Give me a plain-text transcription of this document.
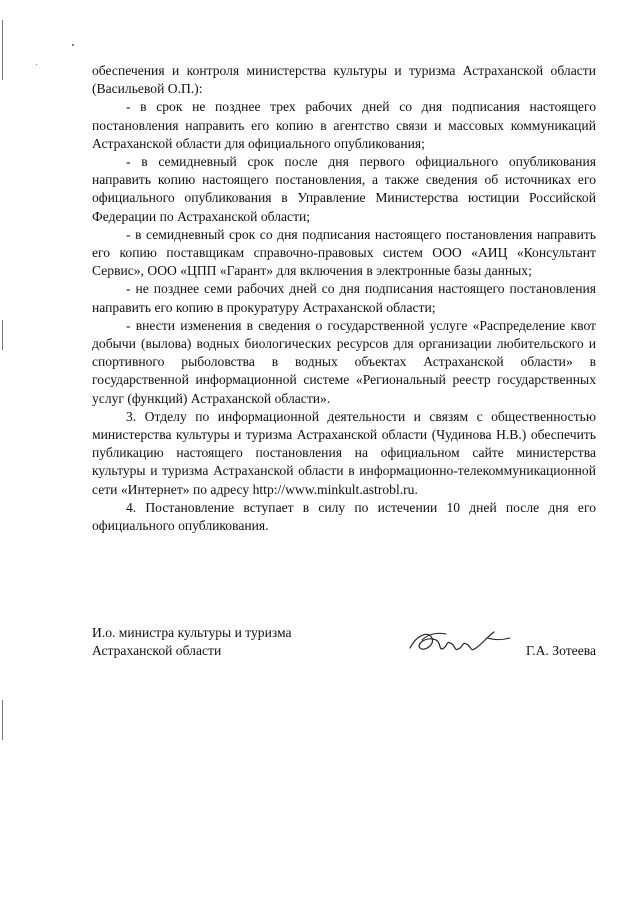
обеспечения и контроля министерства культуры и туризма Астраханской области (Васильевой О.П.):

- в срок не позднее трех рабочих дней со дня подписания настоящего постановления направить его копию в агентство связи и массовых коммуникаций Астраханской области для официального опубликования;

- в семидневный срок после дня первого официального опубликования направить копию настоящего постановления, а также сведения об источниках его официального опубликования в Управление Министерства юстиции Российской Федерации по Астраханской области;

- в семидневный срок со дня подписания настоящего постановления направить его копию поставщикам справочно-правовых систем ООО «АИЦ «Консультант Сервис», ООО «ЦПП «Гарант» для включения в электронные базы данных;

- не позднее семи рабочих дней со дня подписания настоящего постановления направить его копию в прокуратуру Астраханской области;

- внести изменения в сведения о государственной услуге «Распределение квот добычи (вылова) водных биологических ресурсов для организации любительского и спортивного рыболовства в водных объектах Астраханской области» в государственной информационной системе «Региональный реестр государственных услуг (функций) Астраханской области».

3. Отделу по информационной деятельности и связям с общественностью министерства культуры и туризма Астраханской области (Чудинова Н.В.) обеспечить публикацию настоящего постановления на официальном сайте министерства культуры и туризма Астраханской области в информационно-телекоммуникационной сети «Интернет» по адресу http://www.minkult.astrobl.ru.

4. Постановление вступает в силу по истечении 10 дней после дня его официального опубликования.

И.о. министра культуры и туризма
Астраханской области	Г.А. Зотеева
